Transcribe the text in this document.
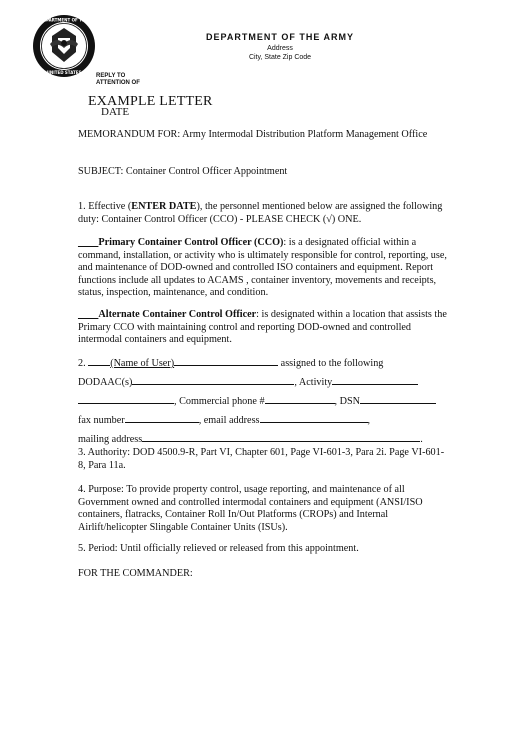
DEPARTMENT OF THE
UNITED STATES
DEPARTMENT OF THE ARMY
Address
City, State Zip Code
REPLY TO
ATTENTION OF
EXAMPLE LETTER
DATE
MEMORANDUM FOR: Army Intermodal Distribution Platform Management Office
SUBJECT: Container Control Officer Appointment
1. Effective (ENTER DATE), the personnel mentioned below are assigned the following duty: Container Control Officer (CCO) - PLEASE CHECK (√) ONE.
____Primary Container Control Officer (CCO): is a designated official within a command, installation, or activity who is ultimately responsible for control, reporting, use, and maintenance of DOD-owned and controlled ISO containers and equipment. Report functions include all updates to ACAMS , container inventory, movements and receipts, status, inspection, maintenance, and condition.
____Alternate Container Control Officer: is designated within a location that assists the Primary CCO with maintaining control and reporting DOD-owned and controlled intermodal containers and equipment.
2. (Name of User)	assigned to the following
DODAAC(s)	, Activity
, Commercial phone #	, DSN
fax number	, email address	,
mailing address	.
3. Authority: DOD 4500.9-R, Part VI, Chapter 601, Page VI-601-3, Para 2i. Page VI-601-8, Para 11a.
4. Purpose: To provide property control, usage reporting, and maintenance of all Government owned and controlled intermodal containers and equipment (ANSI/ISO containers, flatracks, Container Roll In/Out Platforms (CROPs) and Internal Airlift/helicopter Slingable Container Units (ISUs).
5. Period: Until officially relieved or released from this appointment.
FOR THE COMMANDER:
